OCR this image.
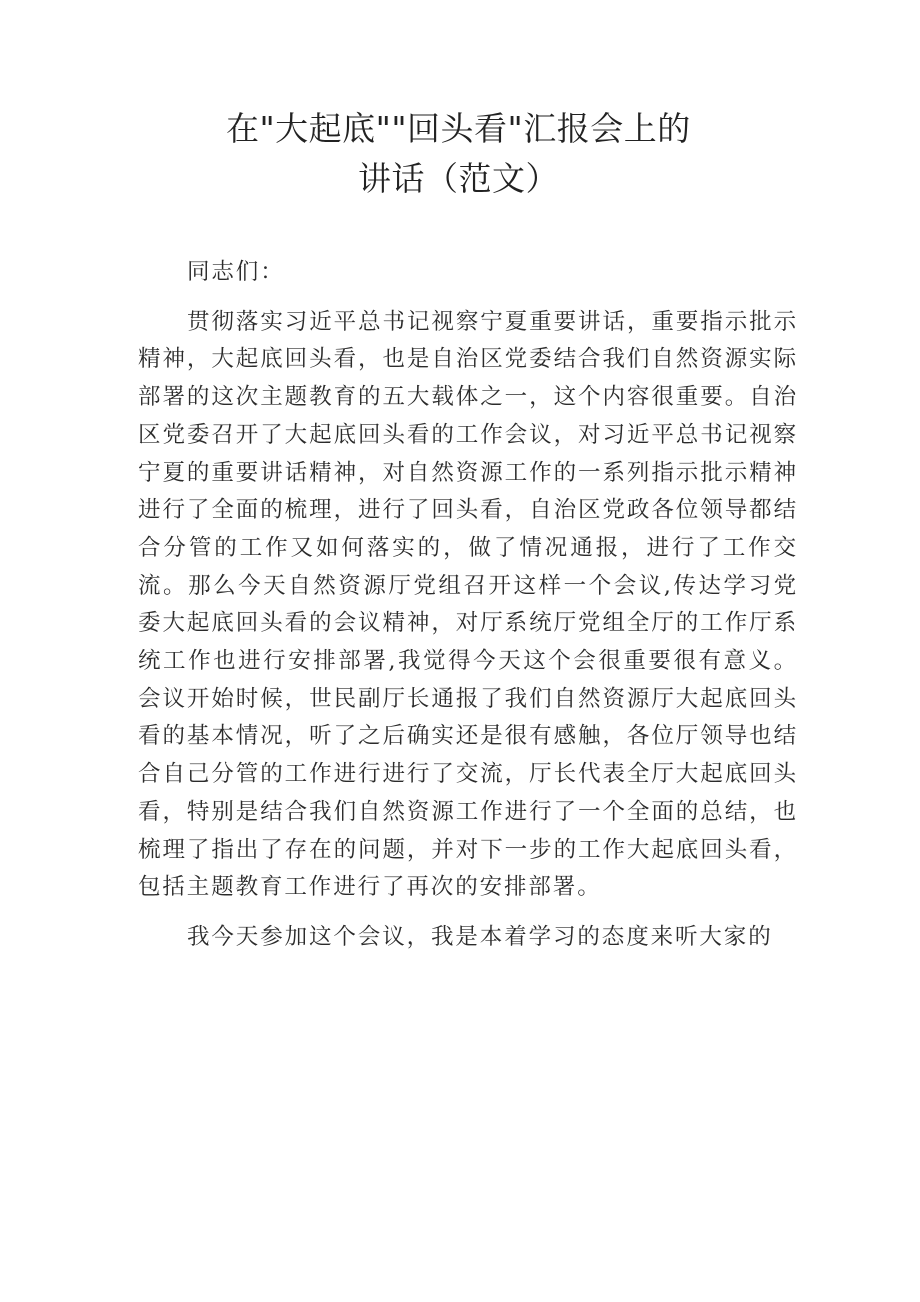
在"大起底""回头看"汇报会上的
讲话（范文）

同志们：

贯彻落实习近平总书记视察宁夏重要讲话，重要指示批示精神，大起底回头看，也是自治区党委结合我们自然资源实际部署的这次主题教育的五大载体之一，这个内容很重要。自治区党委召开了大起底回头看的工作会议，对习近平总书记视察宁夏的重要讲话精神，对自然资源工作的一系列指示批示精神进行了全面的梳理，进行了回头看，自治区党政各位领导都结合分管的工作又如何落实的，做了情况通报，进行了工作交流。那么今天自然资源厅党组召开这样一个会议,传达学习党委大起底回头看的会议精神，对厅系统厅党组全厅的工作厅系统工作也进行安排部署,我觉得今天这个会很重要很有意义。会议开始时候，世民副厅长通报了我们自然资源厅大起底回头看的基本情况，听了之后确实还是很有感触，各位厅领导也结合自己分管的工作进行进行了交流，厅长代表全厅大起底回头看，特别是结合我们自然资源工作进行了一个全面的总结，也梳理了指出了存在的问题，并对下一步的工作大起底回头看，包括主题教育工作进行了再次的安排部署。

我今天参加这个会议，我是本着学习的态度来听大家的
